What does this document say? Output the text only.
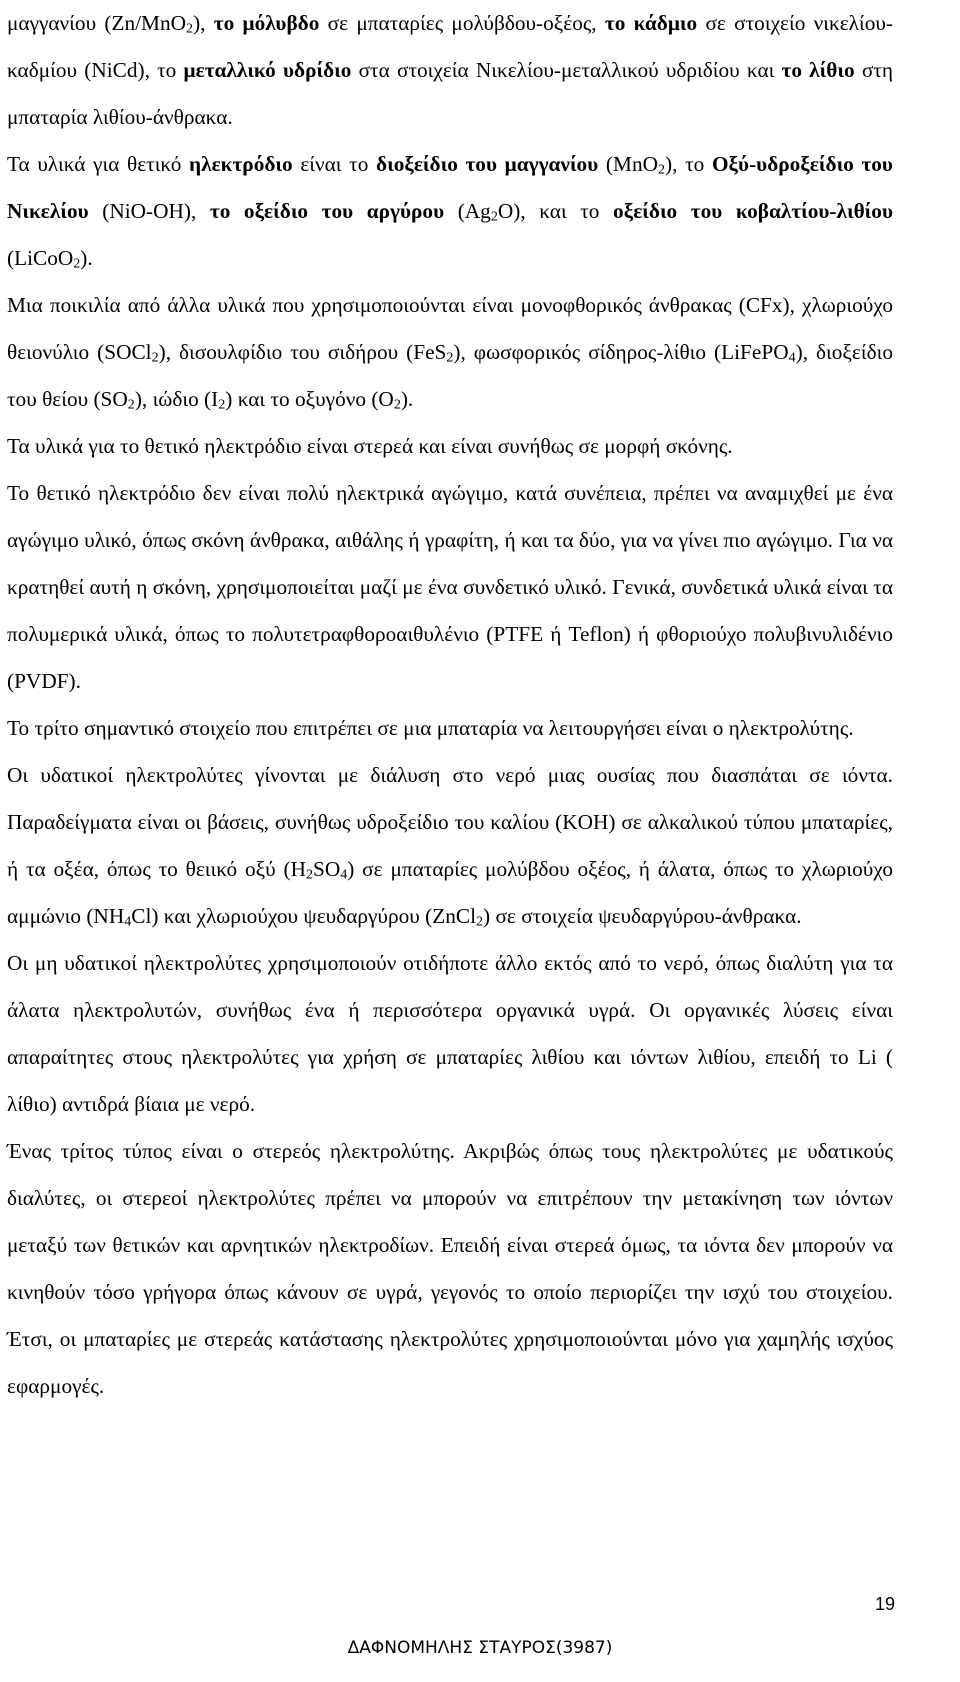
μαγγανίου (Zn/MnO$_2$), το μόλυβδο σε μπαταρίες μολύβδου-οξέος, το κάδμιο σε στοιχείο νικελίου-καδμίου (NiCd), το μεταλλικό υδρίδιο στα στοιχεία Νικελίου-μεταλλικού υδριδίου και το λίθιο στη μπαταρία λιθίου-άνθρακα.

Τα υλικά για θετικό ηλεκτρόδιο είναι το διοξείδιο του μαγγανίου (MnO$_2$), το Οξύ-υδροξείδιο του Νικελίου (NiO-OH), το οξείδιο του αργύρου $(Ag_2O)$, και το οξείδιο του κοβαλτίου-λιθίου (LiCoO$_2$).

Μια ποικιλία από άλλα υλικά που χρησιμοποιούνται είναι μονοφθορικός άνθρακας (CFx), χλωριούχο θειονύλιο (SOCl$_2$), δισουλφίδιο του σιδήρου (FeS$_2$), φωσφορικός σίδηρος-λίθιο (LiFePO$_4$), διοξείδιο του θείου $(SO_2)$, ιώδιο $(I_2)$ και το οξυγόνο $(O_2)$.

Τα υλικά για το θετικό ηλεκτρόδιο είναι στερεά και είναι συνήθως σε μορφή σκόνης.

Το θετικό ηλεκτρόδιο δεν είναι πολύ ηλεκτρικά αγώγιμο, κατά συνέπεια, πρέπει να αναμιχθεί με ένα αγώγιμο υλικό, όπως σκόνη άνθρακα, αιθάλης ή γραφίτη, ή και τα δύο, για να γίνει πιο αγώγιμο. Για να κρατηθεί αυτή η σκόνη, χρησιμοποιείται μαζί με ένα συνδετικό υλικό. Γενικά, συνδετικά υλικά είναι τα πολυμερικά υλικά, όπως το πολυτετραφθοροαιθυλένιο (PTFE ή Teflon) ή φθοριούχο πολυβινυλιδένιο (PVDF).

Το τρίτο σημαντικό στοιχείο που επιτρέπει σε μια μπαταρία να λειτουργήσει είναι ο ηλεκτρολύτης.

Οι υδατικοί ηλεκτρολύτες γίνονται με διάλυση στο νερό μιας ουσίας που διασπάται σε ιόντα. Παραδείγματα είναι οι βάσεις, συνήθως υδροξείδιο του καλίου (KOH) σε αλκαλικού τύπου μπαταρίες, ή τα οξέα, όπως το θειικό οξύ $(H_2SO_4)$ σε μπαταρίες μολύβδου οξέος, ή άλατα, όπως το χλωριούχο αμμώνιο $(NH_4Cl)$ και χλωριούχου ψευδαργύρου (ZnCl$_2$) σε στοιχεία ψευδαργύρου-άνθρακα.

Οι μη υδατικοί ηλεκτρολύτες χρησιμοποιούν οτιδήποτε άλλο εκτός από το νερό, όπως διαλύτη για τα άλατα ηλεκτρολυτών, συνήθως ένα ή περισσότερα οργανικά υγρά. Οι οργανικές λύσεις είναι απαραίτητες στους ηλεκτρολύτες για χρήση σε μπαταρίες λιθίου και ιόντων λιθίου, επειδή το Li ( λίθιο) αντιδρά βίαια με νερό.

Ένας τρίτος τύπος είναι ο στερεός ηλεκτρολύτης. Ακριβώς όπως τους ηλεκτρολύτες με υδατικούς διαλύτες, οι στερεοί ηλεκτρολύτες πρέπει να μπορούν να επιτρέπουν την μετακίνηση των ιόντων μεταξύ των θετικών και αρνητικών ηλεκτροδίων. Επειδή είναι στερεά όμως, τα ιόντα δεν μπορούν να κινηθούν τόσο γρήγορα όπως κάνουν σε υγρά, γεγονός το οποίο περιορίζει την ισχύ του στοιχείου. Έτσι, οι μπαταρίες με στερεάς κατάστασης ηλεκτρολύτες χρησιμοποιούνται μόνο για χαμηλής ισχύος εφαρμογές.

19
ΔΑΦΝΟΜΗΛΗΣ ΣΤΑΥΡΟΣ(3987)
